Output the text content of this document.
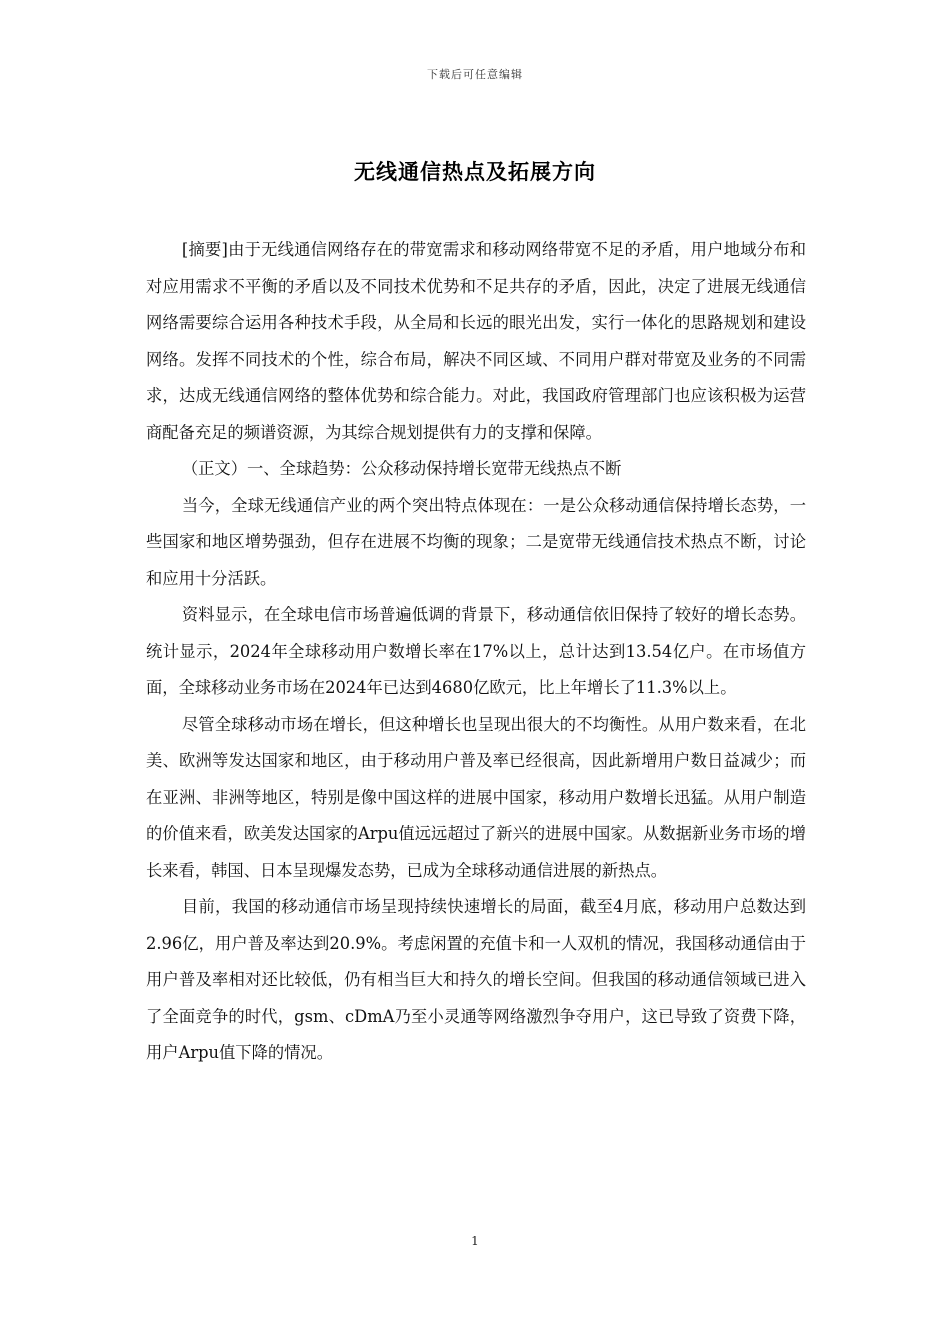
下载后可任意编辑
无线通信热点及拓展方向

[摘要]由于无线通信网络存在的带宽需求和移动网络带宽不足的矛盾，用户地域分布和对应用需求不平衡的矛盾以及不同技术优势和不足共存的矛盾，因此，决定了进展无线通信网络需要综合运用各种技术手段，从全局和长远的眼光出发，实行一体化的思路规划和建设网络。发挥不同技术的个性，综合布局，解决不同区域、不同用户群对带宽及业务的不同需求，达成无线通信网络的整体优势和综合能力。对此，我国政府管理部门也应该积极为运营商配备充足的频谱资源，为其综合规划提供有力的支撑和保障。

（正文）一、全球趋势：公众移动保持增长宽带无线热点不断

当今，全球无线通信产业的两个突出特点体现在：一是公众移动通信保持增长态势，一些国家和地区增势强劲，但存在进展不均衡的现象；二是宽带无线通信技术热点不断，讨论和应用十分活跃。

资料显示，在全球电信市场普遍低调的背景下，移动通信依旧保持了较好的增长态势。统计显示，2024年全球移动用户数增长率在17%以上，总计达到13.54亿户。在市场值方面，全球移动业务市场在2024年已达到4680亿欧元，比上年增长了11.3%以上。

尽管全球移动市场在增长，但这种增长也呈现出很大的不均衡性。从用户数来看，在北美、欧洲等发达国家和地区，由于移动用户普及率已经很高，因此新增用户数日益减少；而在亚洲、非洲等地区，特别是像中国这样的进展中国家，移动用户数增长迅猛。从用户制造的价值来看，欧美发达国家的Arpu值远远超过了新兴的进展中国家。从数据新业务市场的增长来看，韩国、日本呈现爆发态势，已成为全球移动通信进展的新热点。

目前，我国的移动通信市场呈现持续快速增长的局面，截至4月底，移动用户总数达到2.96亿，用户普及率达到20.9%。考虑闲置的充值卡和一人双机的情况，我国移动通信由于用户普及率相对还比较低，仍有相当巨大和持久的增长空间。但我国的移动通信领域已进入了全面竞争的时代，gsm、cDmA乃至小灵通等网络激烈争夺用户，这已导致了资费下降，用户Arpu值下降的情况。

1
